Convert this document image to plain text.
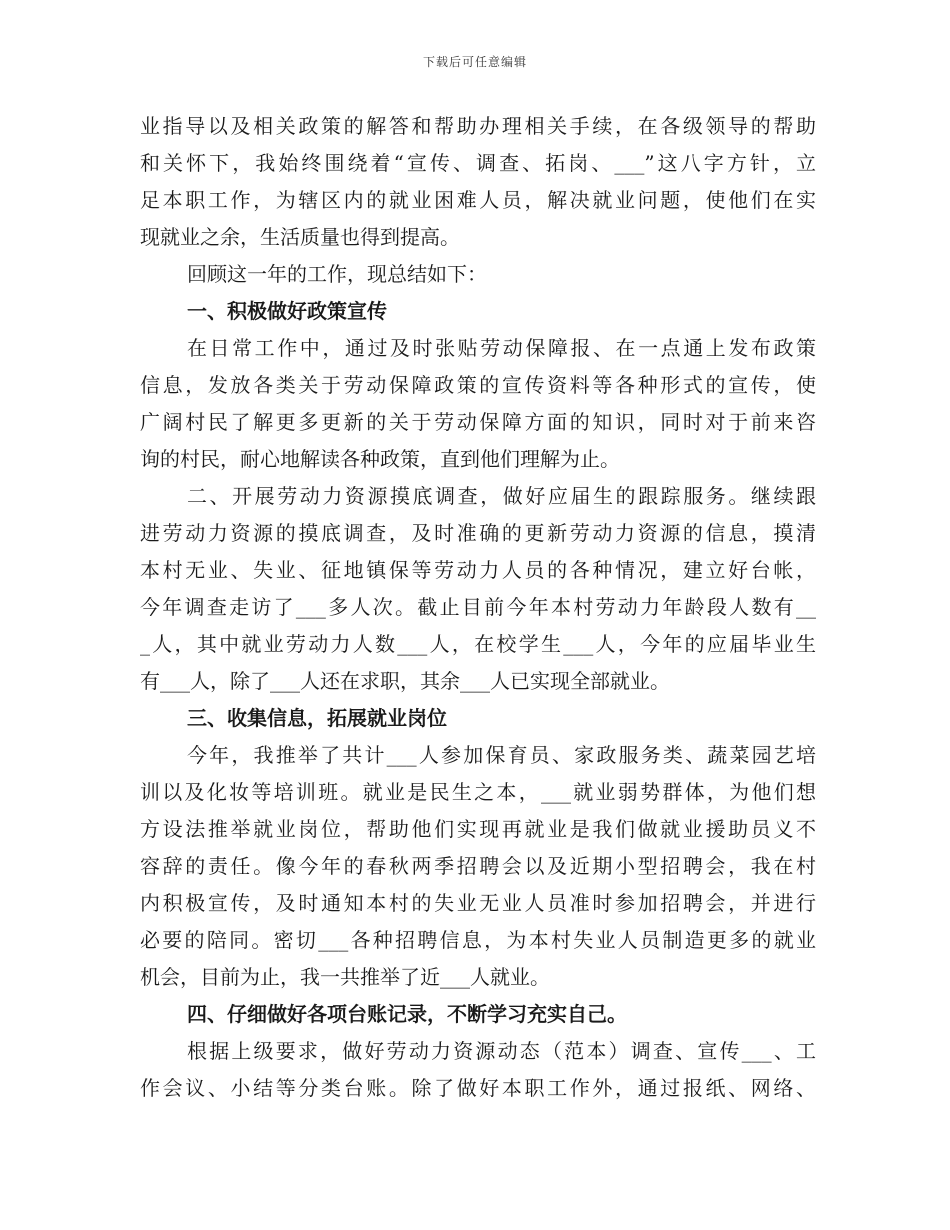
下载后可任意编辑
业指导以及相关政策的解答和帮助办理相关手续，在各级领导的帮助
和关怀下，我始终围绕着“宣传、调查、拓岗、___”这八字方针，立
足本职工作，为辖区内的就业困难人员，解决就业问题，使他们在实
现就业之余，生活质量也得到提高。
回顾这一年的工作，现总结如下：
一、积极做好政策宣传
在日常工作中，通过及时张贴劳动保障报、在一点通上发布政策
信息，发放各类关于劳动保障政策的宣传资料等各种形式的宣传，使
广阔村民了解更多更新的关于劳动保障方面的知识，同时对于前来咨
询的村民，耐心地解读各种政策，直到他们理解为止。
二、开展劳动力资源摸底调查，做好应届生的跟踪服务。继续跟
进劳动力资源的摸底调查，及时准确的更新劳动力资源的信息，摸清
本村无业、失业、征地镇保等劳动力人员的各种情况，建立好台帐，
今年调查走访了___多人次。截止目前今年本村劳动力年龄段人数有__
_人，其中就业劳动力人数___人，在校学生___人，今年的应届毕业生
有___人，除了___人还在求职，其余___人已实现全部就业。
三、收集信息，拓展就业岗位
今年，我推举了共计___人参加保育员、家政服务类、蔬菜园艺培
训以及化妆等培训班。就业是民生之本，___就业弱势群体，为他们想
方设法推举就业岗位，帮助他们实现再就业是我们做就业援助员义不
容辞的责任。像今年的春秋两季招聘会以及近期小型招聘会，我在村
内积极宣传，及时通知本村的失业无业人员准时参加招聘会，并进行
必要的陪同。密切___各种招聘信息，为本村失业人员制造更多的就业
机会，目前为止，我一共推举了近___人就业。
四、仔细做好各项台账记录，不断学习充实自己。
根据上级要求，做好劳动力资源动态（范本）调查、宣传___、工
作会议、小结等分类台账。除了做好本职工作外，通过报纸、网络、
